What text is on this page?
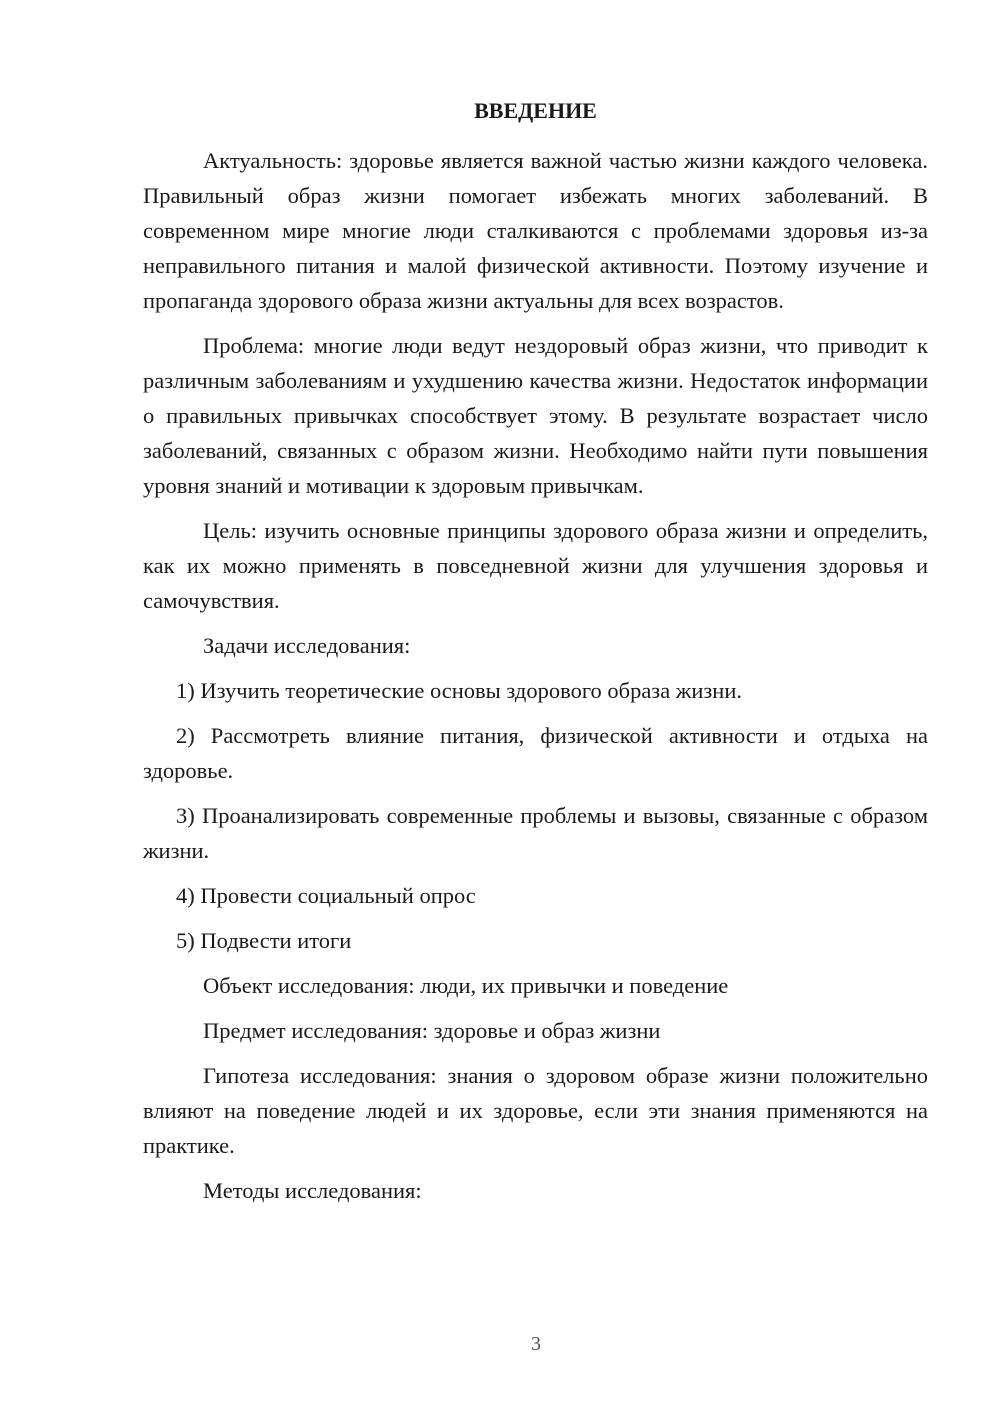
ВВЕДЕНИЕ

Актуальность: здоровье является важной частью жизни каждого человека. Правильный образ жизни помогает избежать многих заболеваний. В современном мире многие люди сталкиваются с проблемами здоровья из-за неправильного питания и малой физической активности. Поэтому изучение и пропаганда здорового образа жизни актуальны для всех возрастов.

Проблема: многие люди ведут нездоровый образ жизни, что приводит к различным заболеваниям и ухудшению качества жизни. Недостаток информации о правильных привычках способствует этому. В результате возрастает число заболеваний, связанных с образом жизни. Необходимо найти пути повышения уровня знаний и мотивации к здоровым привычкам.

Цель: изучить основные принципы здорового образа жизни и определить, как их можно применять в повседневной жизни для улучшения здоровья и самочувствия.

Задачи исследования:

1) Изучить теоретические основы здорового образа жизни.

2) Рассмотреть влияние питания, физической активности и отдыха на здоровье.

3) Проанализировать современные проблемы и вызовы, связанные с образом жизни.

4) Провести социальный опрос

5) Подвести итоги

Объект исследования: люди, их привычки и поведение

Предмет исследования: здоровье и образ жизни

Гипотеза исследования: знания о здоровом образе жизни положительно влияют на поведение людей и их здоровье, если эти знания применяются на практике.

Методы исследования:

3
